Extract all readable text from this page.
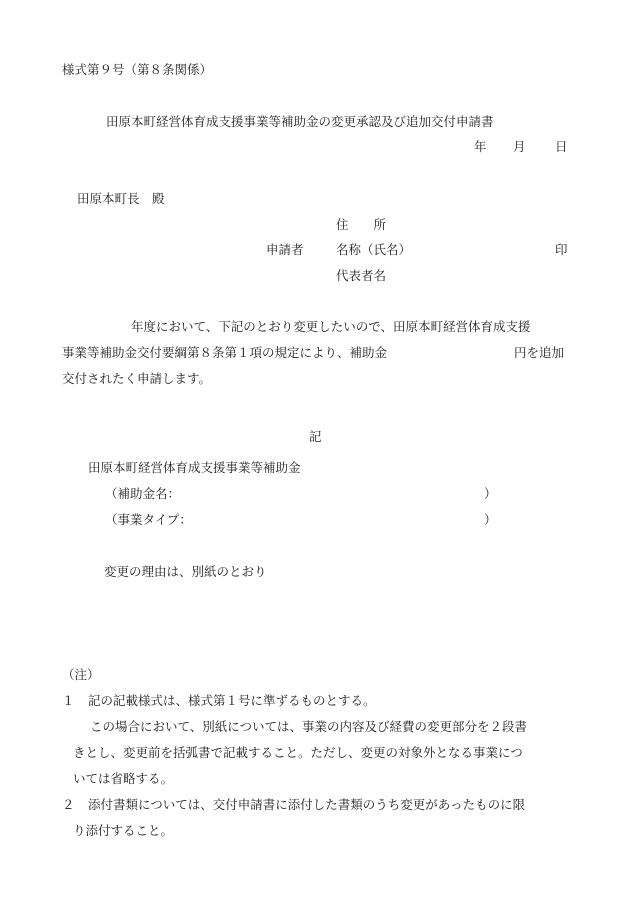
様式第９号（第８条関係）
田原本町経営体育成支援事業等補助金の変更承認及び追加交付申請書
年 月 日
田原本町長　殿
住　　所
申請者	名称（氏名）	印
代表者名
年度において、下記のとおり変更したいので、田原本町経営体育成支援
事業等補助金交付要綱第８条第１項の規定により、補助金	円を追加
交付されたく申請します。
記
田原本町経営体育成支援事業等補助金
（補助金名：	）
（事業タイプ：	）
変更の理由は、別紙のとおり
（注）
１ 記の記載様式は、様式第１号に準ずるものとする。
この場合において、別紙については、事業の内容及び経費の変更部分を２段書
きとし、変更前を括弧書で記載すること。ただし、変更の対象外となる事業につ
いては省略する。
２ 添付書類については、交付申請書に添付した書類のうち変更があったものに限
り添付すること。
